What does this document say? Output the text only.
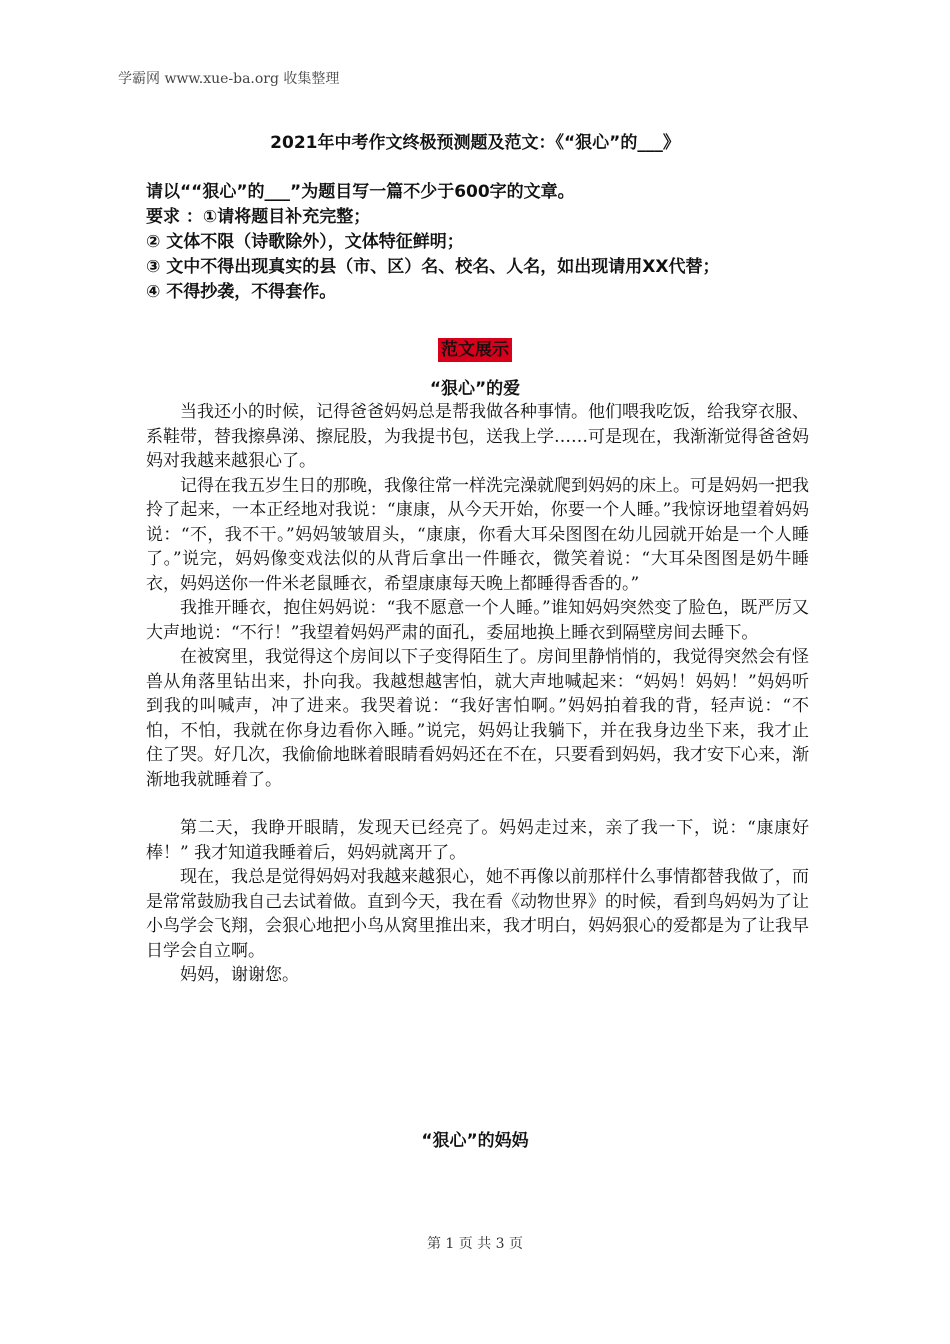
学霸网 www.xue-ba.org 收集整理
2021年中考作文终极预测题及范文：《“狠心”的___》
请以““狠心”的___”为题目写一篇不少于600字的文章。
要求 ：①请将题目补充完整；
② 文体不限（诗歌除外），文体特征鲜明；
③ 文中不得出现真实的县（市、区）名、校名、人名，如出现请用XX代替；
④ 不得抄袭，不得套作。
范文展示
“狠心”的爱

当我还小的时候，记得爸爸妈妈总是帮我做各种事情。他们喂我吃饭，给我穿衣服、系鞋带，替我擦鼻涕、擦屁股，为我提书包，送我上学……可是现在，我渐渐觉得爸爸妈妈对我越来越狠心了。

记得在我五岁生日的那晚，我像往常一样洗完澡就爬到妈妈的床上。可是妈妈一把我拎了起来，一本正经地对我说：“康康，从今天开始，你要一个人睡。”我惊讶地望着妈妈说：“不，我不干。”妈妈皱皱眉头，“康康，你看大耳朵图图在幼儿园就开始是一个人睡了。”说完，妈妈像变戏法似的从背后拿出一件睡衣，微笑着说：“大耳朵图图是奶牛睡衣，妈妈送你一件米老鼠睡衣，希望康康每天晚上都睡得香香的。”

我推开睡衣，抱住妈妈说：“我不愿意一个人睡。”谁知妈妈突然变了脸色，既严厉又大声地说：“不行！”我望着妈妈严肃的面孔，委屈地换上睡衣到隔壁房间去睡下。

在被窝里，我觉得这个房间以下子变得陌生了。房间里静悄悄的，我觉得突然会有怪兽从角落里钻出来，扑向我。我越想越害怕，就大声地喊起来：“妈妈！妈妈！”妈妈听到我的叫喊声，冲了进来。我哭着说：“我好害怕啊。”妈妈拍着我的背，轻声说：“不怕，不怕，我就在你身边看你入睡。”说完，妈妈让我躺下，并在我身边坐下来，我才止住了哭。好几次，我偷偷地眯着眼睛看妈妈还在不在，只要看到妈妈，我才安下心来，渐渐地我就睡着了。

第二天，我睁开眼睛，发现天已经亮了。妈妈走过来，亲了我一下，说：“康康好棒！” 我才知道我睡着后，妈妈就离开了。

现在，我总是觉得妈妈对我越来越狠心，她不再像以前那样什么事情都替我做了，而是常常鼓励我自己去试着做。直到今天，我在看《动物世界》的时候，看到鸟妈妈为了让小鸟学会飞翔，会狠心地把小鸟从窝里推出来，我才明白，妈妈狠心的爱都是为了让我早日学会自立啊。

妈妈，谢谢您。

“狠心”的妈妈
第 1 页 共 3 页
